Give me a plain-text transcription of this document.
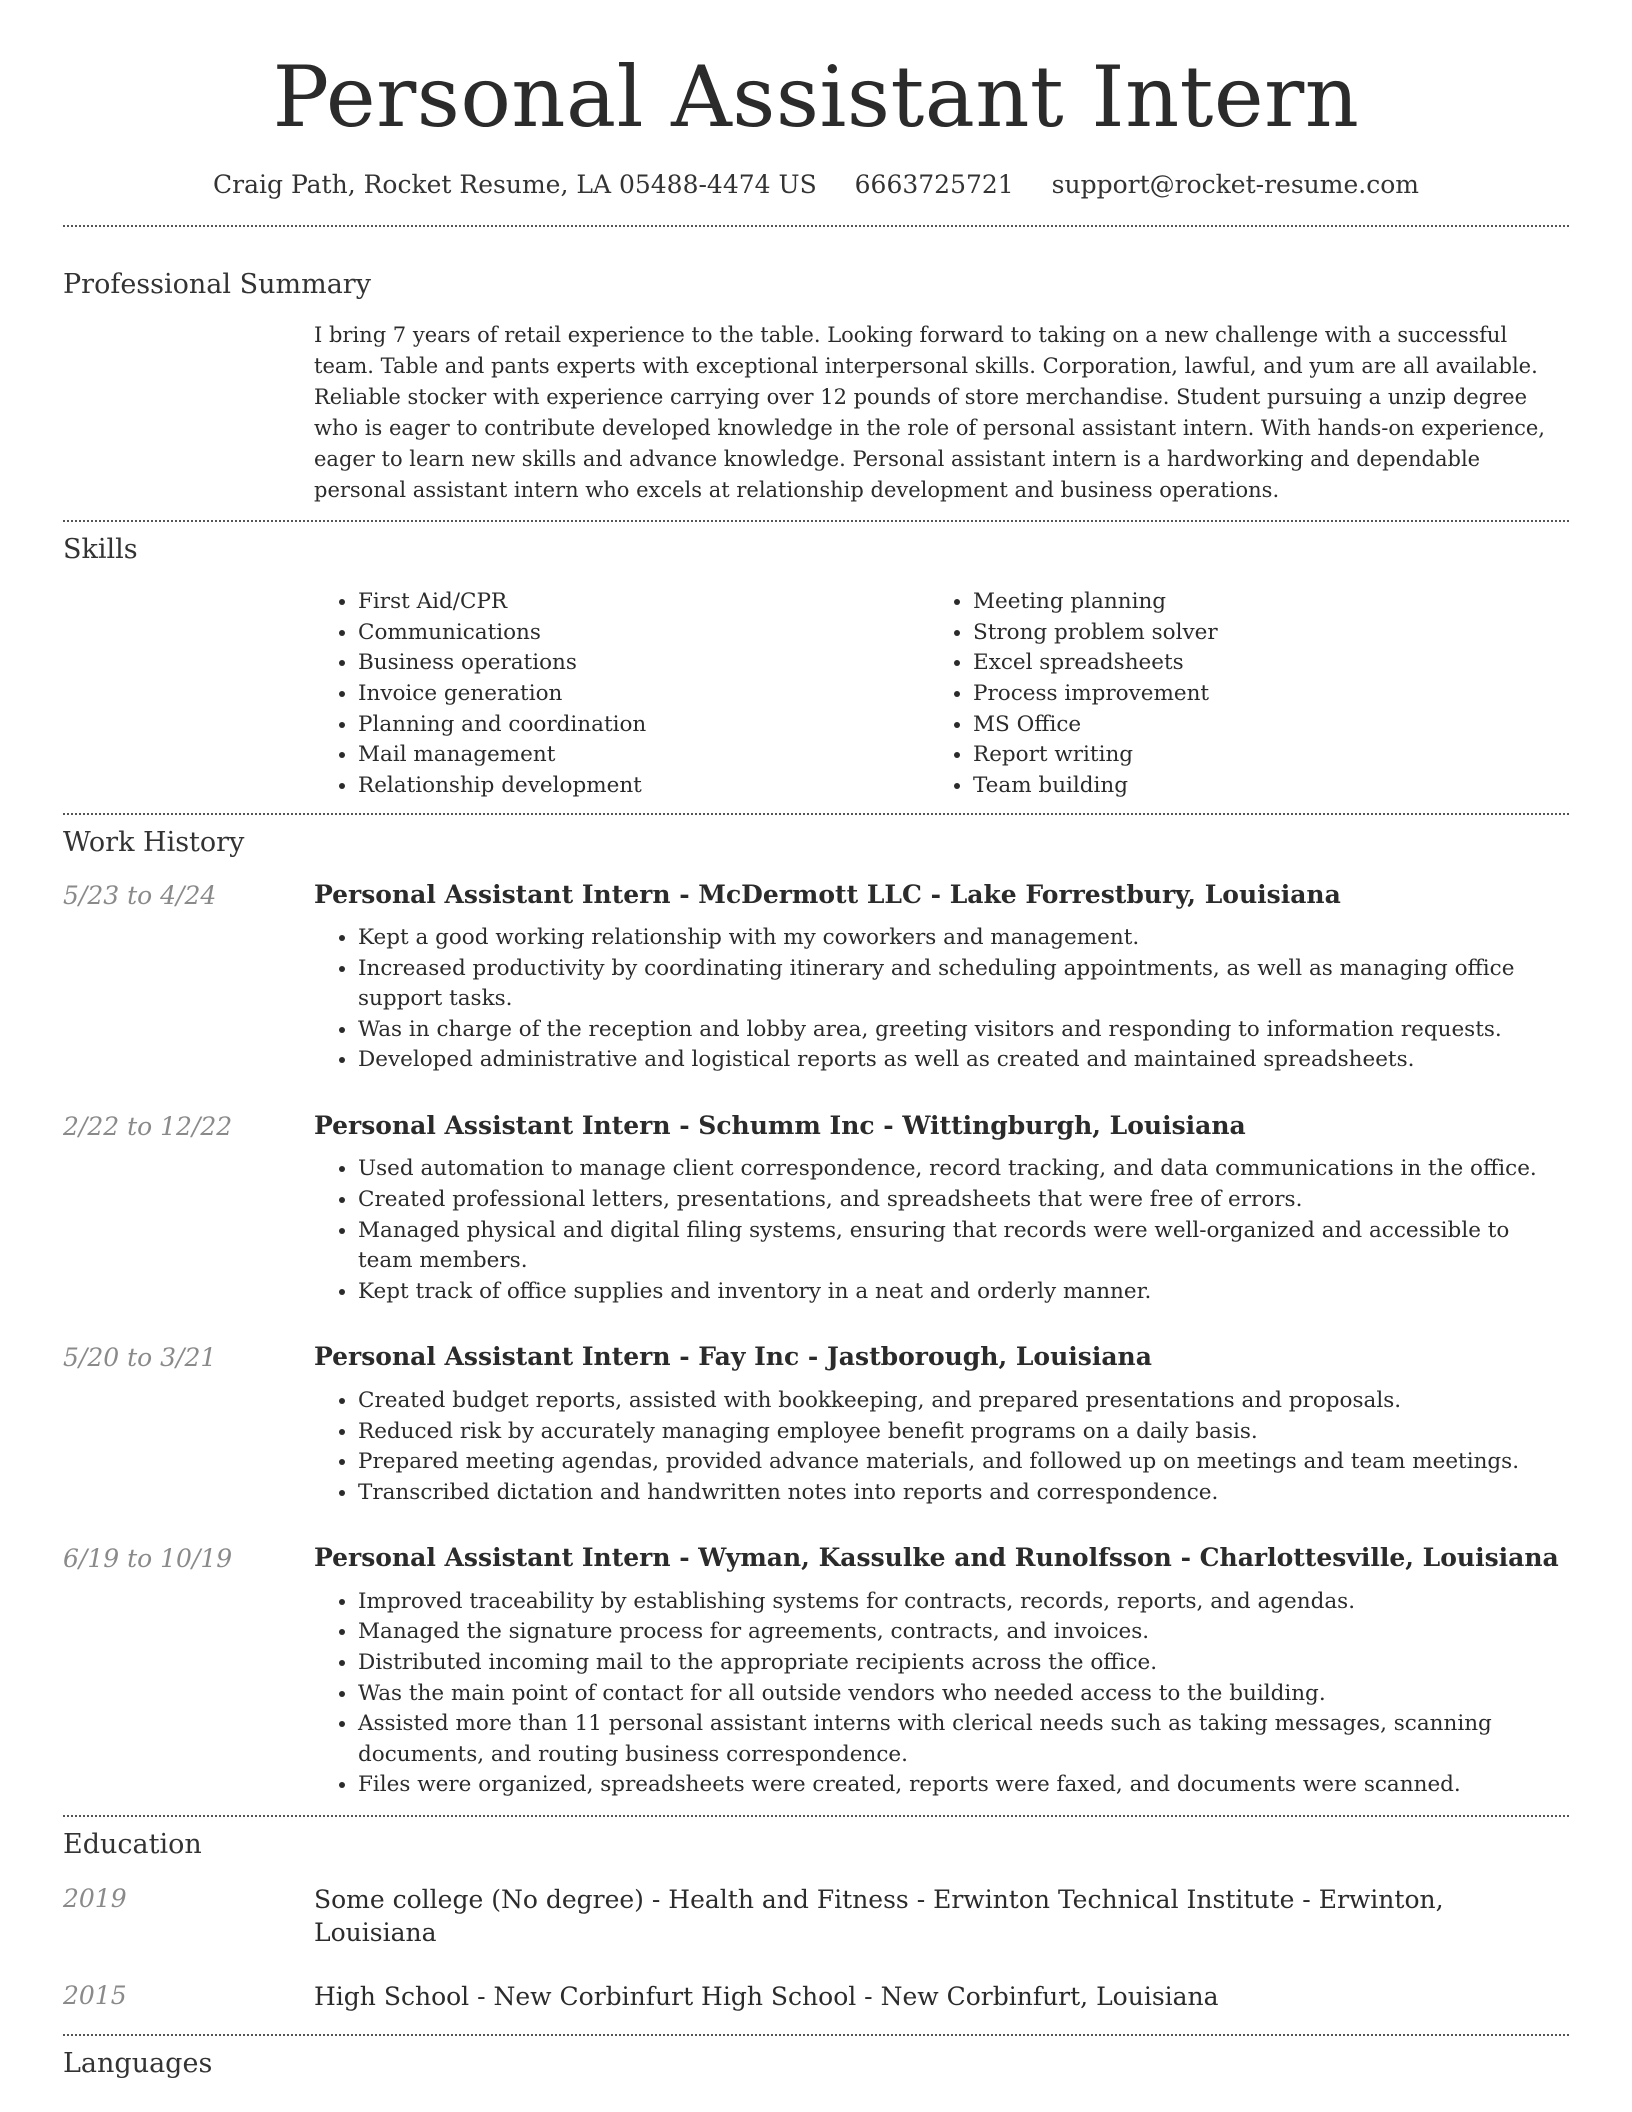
Personal Assistant Intern
Craig Path, Rocket Resume, LA 05488-4474 US 6663725721 support@rocket-resume.com
Professional Summary

I bring 7 years of retail experience to the table. Looking forward to taking on a new challenge with a successful team. Table and pants experts with exceptional interpersonal skills. Corporation, lawful, and yum are all available. Reliable stocker with experience carrying over 12 pounds of store merchandise. Student pursuing a unzip degree who is eager to contribute developed knowledge in the role of personal assistant intern. With hands-on experience, eager to learn new skills and advance knowledge. Personal assistant intern is a hardworking and dependable personal assistant intern who excels at relationship development and business operations.

Skills
• First Aid/CPR
• Communications
• Business operations
• Invoice generation
• Planning and coordination
• Mail management
• Relationship development
• Meeting planning
• Strong problem solver
• Excel spreadsheets
• Process improvement
• MS Office
• Report writing
• Team building
Work History
5/23 to 4/24	Personal Assistant Intern - McDermott LLC - Lake Forrestbury, Louisiana
• Kept a good working relationship with my coworkers and management.
• Increased productivity by coordinating itinerary and scheduling appointments, as well as managing office support tasks.
• Was in charge of the reception and lobby area, greeting visitors and responding to information requests.
• Developed administrative and logistical reports as well as created and maintained spreadsheets.
2/22 to 12/22	Personal Assistant Intern - Schumm Inc - Wittingburgh, Louisiana
• Used automation to manage client correspondence, record tracking, and data communications in the office.
• Created professional letters, presentations, and spreadsheets that were free of errors.
• Managed physical and digital filing systems, ensuring that records were well-organized and accessible to team members.
• Kept track of office supplies and inventory in a neat and orderly manner.
5/20 to 3/21	Personal Assistant Intern - Fay Inc - Jastborough, Louisiana
• Created budget reports, assisted with bookkeeping, and prepared presentations and proposals.
• Reduced risk by accurately managing employee benefit programs on a daily basis.
• Prepared meeting agendas, provided advance materials, and followed up on meetings and team meetings.
• Transcribed dictation and handwritten notes into reports and correspondence.
6/19 to 10/19	Personal Assistant Intern - Wyman, Kassulke and Runolfsson - Charlottesville, Louisiana
• Improved traceability by establishing systems for contracts, records, reports, and agendas.
• Managed the signature process for agreements, contracts, and invoices.
• Distributed incoming mail to the appropriate recipients across the office.
• Was the main point of contact for all outside vendors who needed access to the building.
• Assisted more than 11 personal assistant interns with clerical needs such as taking messages, scanning documents, and routing business correspondence.
• Files were organized, spreadsheets were created, reports were faxed, and documents were scanned.
Education
2019	Some college (No degree) - Health and Fitness - Erwinton Technical Institute - Erwinton, Louisiana
2015	High School - New Corbinfurt High School - New Corbinfurt, Louisiana
Languages
